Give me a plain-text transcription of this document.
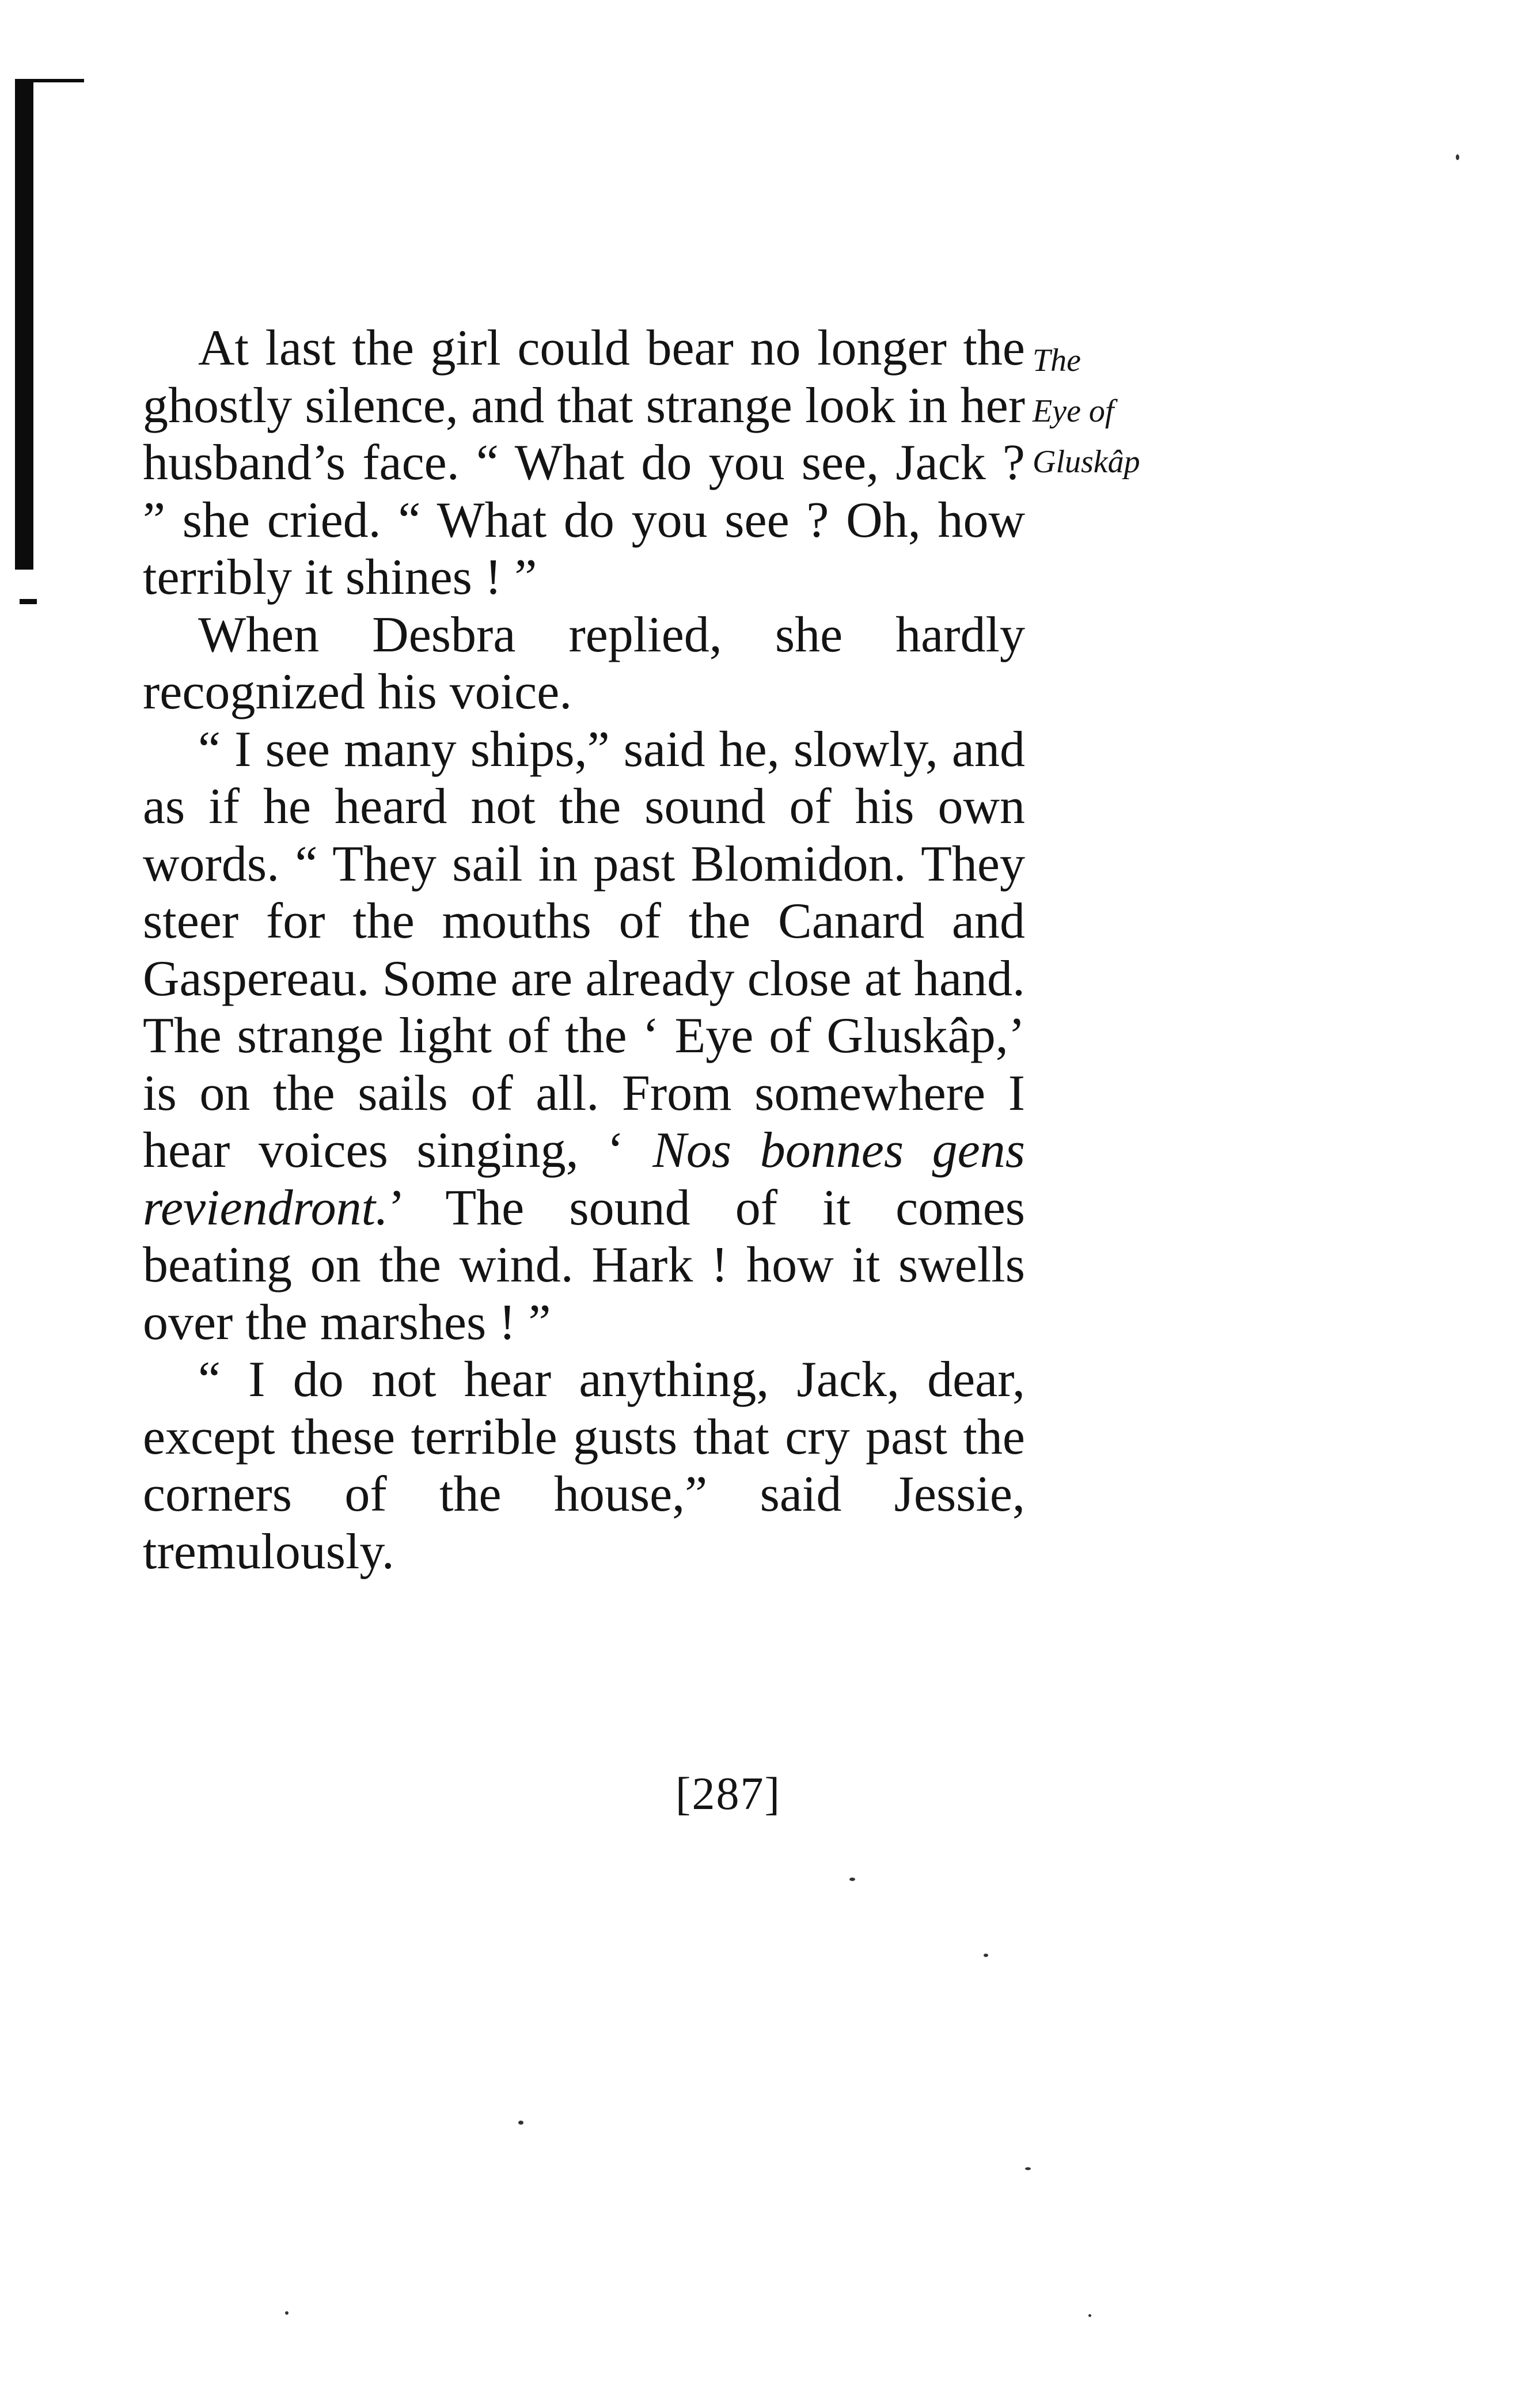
The
Eye of
Gluskâp

At last the girl could bear no longer the ghostly silence, and that strange look in her husband’s face. “ What do you see, Jack ? ” she cried. “ What do you see ? Oh, how terribly it shines ! ”

When Desbra replied, she hardly recognized his voice.

“ I see many ships,” said he, slowly, and as if he heard not the sound of his own words. “ They sail in past Blomidon. They steer for the mouths of the Canard and Gaspereau. Some are already close at hand. The strange light of the ‘ Eye of Gluskâp,’ is on the sails of all. From somewhere I hear voices singing, ‘ Nos bonnes gens reviendront.’ The sound of it comes beating on the wind. Hark ! how it swells over the marshes ! ”

“ I do not hear anything, Jack, dear, except these terrible gusts that cry past the corners of the house,” said Jessie, tremulously.

[287]
